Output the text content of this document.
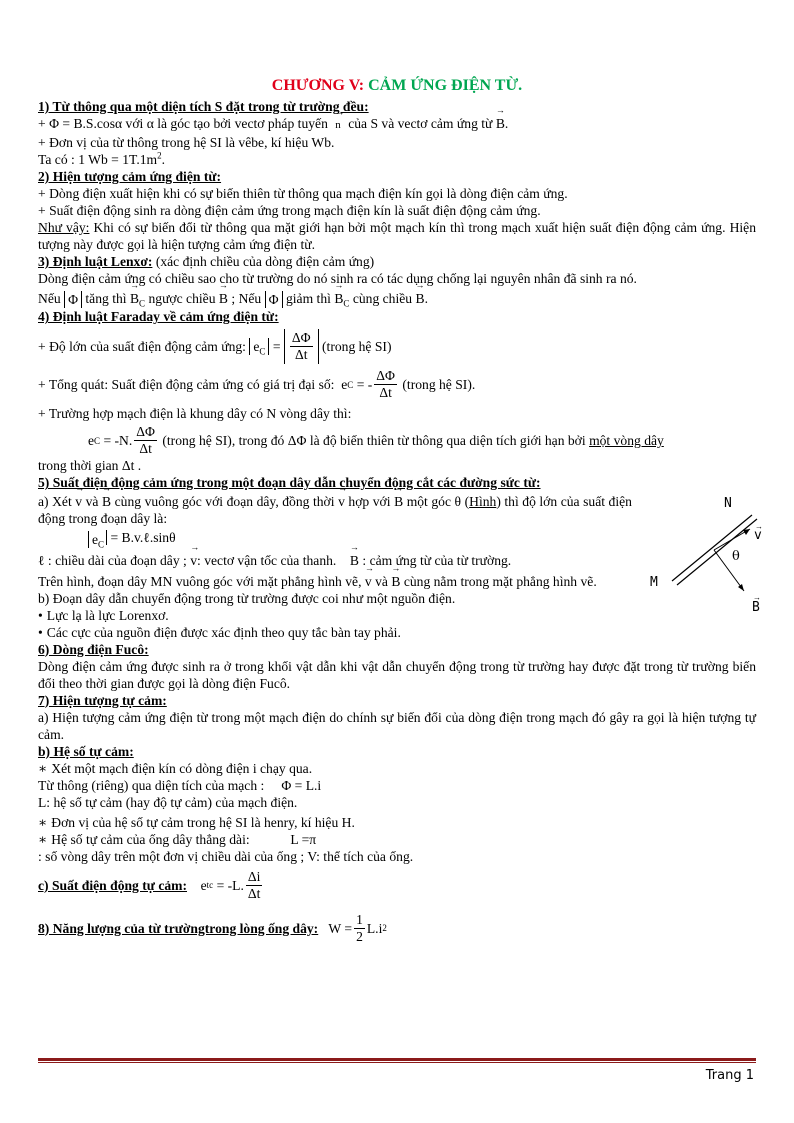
CHƯƠNG V: CẢM ỨNG ĐIỆN TỪ.
1) Từ thông qua một diện tích S đặt trong từ trường đều:

+ Φ = B.S.cosα với α là góc tạo bởi vectơ pháp tuyến → n của S và vectơ cảm ứng từ → B.

+ Đơn vị của từ thông trong hệ SI là vêbe, kí hiệu Wb.

Ta có : 1 $Wb = 1T.1m^2$.

2) Hiện tượng cảm ứng điện từ:

+ Dòng điện xuất hiện khi có sự biến thiên từ thông qua mạch điện kín gọi là dòng điện cảm ứng.

+ Suất điện động sinh ra dòng điện cảm ứng trong mạch điện kín là suất điện động cảm ứng.

Như vậy: Khi có sự biến đổi từ thông qua mặt giới hạn bởi một mạch kín thì trong mạch xuất hiện suất điện động cảm ứng. Hiện tượng này được gọi là hiện tượng cảm ứng điện từ.

3) Định luật Lenxơ: (xác định chiều của dòng điện cảm ứng)

Dòng điện cảm ứng có chiều sao cho từ trường do nó sinh ra có tác dụng chống lại nguyên nhân đã sinh ra nó.

Nếu Φ tăng thì → $B_C$ ngược chiều → B ; Nếu Φ giảm thì → $B_C$ cùng chiều → B.

4) Định luật Faraday về cảm ứng điện từ:
+ Độ lớn của suất điện động cảm ứng:
$e_C$
=
$\frac{\Delta\Phi}{\Delta t}$
(trong hệ SI)
+ Tổng quát: Suất điện động cảm ứng có giá trị đại số:
e C
= - $\frac{\Delta\Phi}{\Delta t}$
(trong hệ SI).

+ Trường hợp mạch điện là khung dây có N vòng dây thì:

e C
= -N. $\frac{\Delta\Phi}{\Delta t}$
(trong hệ SI), trong đó
ΔΦ
là độ biến thiên từ thông qua diện tích giới hạn bởi
một vòng dây

trong thời gian Δt .

5) Suất điện động cảm ứng trong một đoạn dây dẫn chuyển động cắt các đường sức từ:

a) Xét → v và → B cùng vuông góc với đoạn dây, đồng thời → v hợp với → B một góc θ (Hình) thì độ lớn của suất điện động trong đoạn dây là:

$e_C$ = B.v.ℓ.sinθ

ℓ : chiều dài của đoạn dây ; → v: vectơ vận tốc của thanh. → B : cảm ứng từ của từ trường.

Trên hình, đoạn dây MN vuông góc với mặt phẳng hình vẽ, → v và → B cùng nằm trong mặt phẳng hình vẽ.

N
M
→ v
B
θ
→
→

b) Đoạn dây dẫn chuyển động trong từ trường được coi như một nguồn điện.

• Lực lạ là lực Lorenxơ.

• Các cực của nguồn điện được xác định theo quy tắc bàn tay phải.

6) Dòng điện Fucô:

Dòng điện cảm ứng được sinh ra ở trong khối vật dẫn khi vật dẫn chuyển động trong từ trường hay được đặt trong từ trường biến đổi theo thời gian được gọi là dòng điện Fucô.

7) Hiện tượng tự cảm:

a) Hiện tượng cảm ứng điện từ trong một mạch điện do chính sự biến đổi của dòng điện trong mạch đó gây ra gọi là hiện tượng tự cảm.

b) Hệ số tự cảm:

∗ Xét một mạch điện kín có dòng điện i chạy qua.

Từ thông (riêng) qua diện tích của mạch : Φ = L.i

L: hệ số tự cảm (hay độ tự cảm) của mạch điện.

∗ Đơn vị của hệ số tự cảm trong hệ SI là henry, kí hiệu H.

∗ Hệ số tự cảm của ống dây thẳng dài:	L =π

: số vòng dây trên một đơn vị chiều dài của ống ; V: thể tích của ống.

c) Suất điện động tự cảm:
e tc
= -L. $\frac{\Delta i}{\Delta t}$
8) Năng lượng của từ trườngtrong lòng ống dây:
$W = \frac{1}{2} L.i$ 2
Trang 1
